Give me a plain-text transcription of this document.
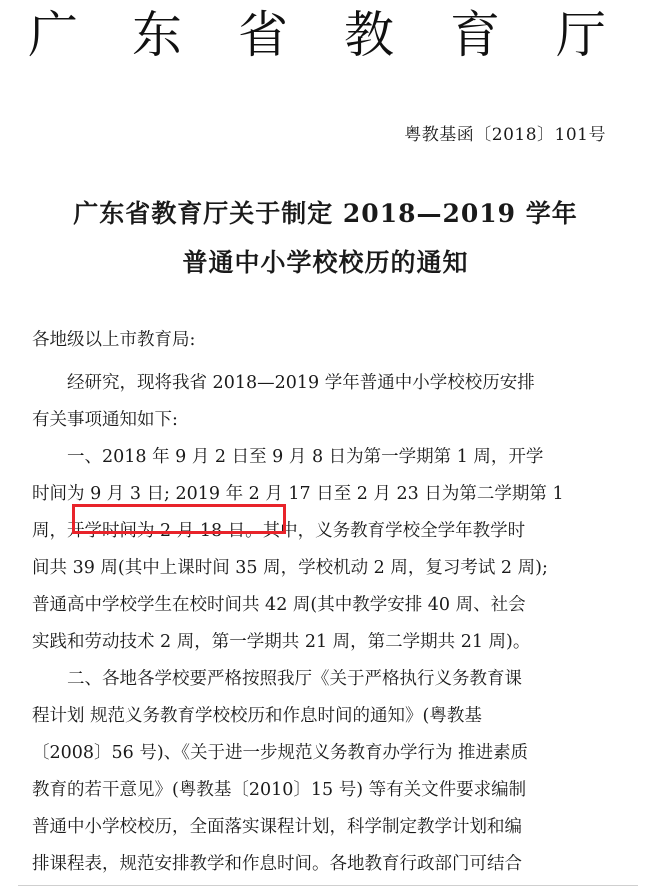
广 东 省 教 育 厅
粤教基函〔2018〕101号
广东省教育厅关于制定 2018—2019 学年
普通中小学校校历的通知
各地级以上市教育局:
　　经研究，现将我省 2018—2019 学年普通中小学校校历安排
有关事项通知如下:
　　一、2018 年 9 月 2 日至 9 月 8 日为第一学期第 1 周，开学
时间为 9 月 3 日; 2019 年 2 月 17 日至 2 月 23 日为第二学期第 1
周，开学时间为 2 月 18 日。其中，义务教育学校全学年教学时
间共 39 周(其中上课时间 35 周，学校机动 2 周，复习考试 2 周);
普通高中学校学生在校时间共 42 周(其中教学安排 40 周、社会
实践和劳动技术 2 周，第一学期共 21 周，第二学期共 21 周)。
　　二、各地各学校要严格按照我厅《关于严格执行义务教育课
程计划 规范义务教育学校校历和作息时间的通知》(粤教基
〔2008〕56 号)、《关于进一步规范义务教育办学行为 推进素质
教育的若干意见》(粤教基〔2010〕15 号) 等有关文件要求编制
普通中小学校校历，全面落实课程计划，科学制定教学计划和编
排课程表，规范安排教学和作息时间。各地教育行政部门可结合
